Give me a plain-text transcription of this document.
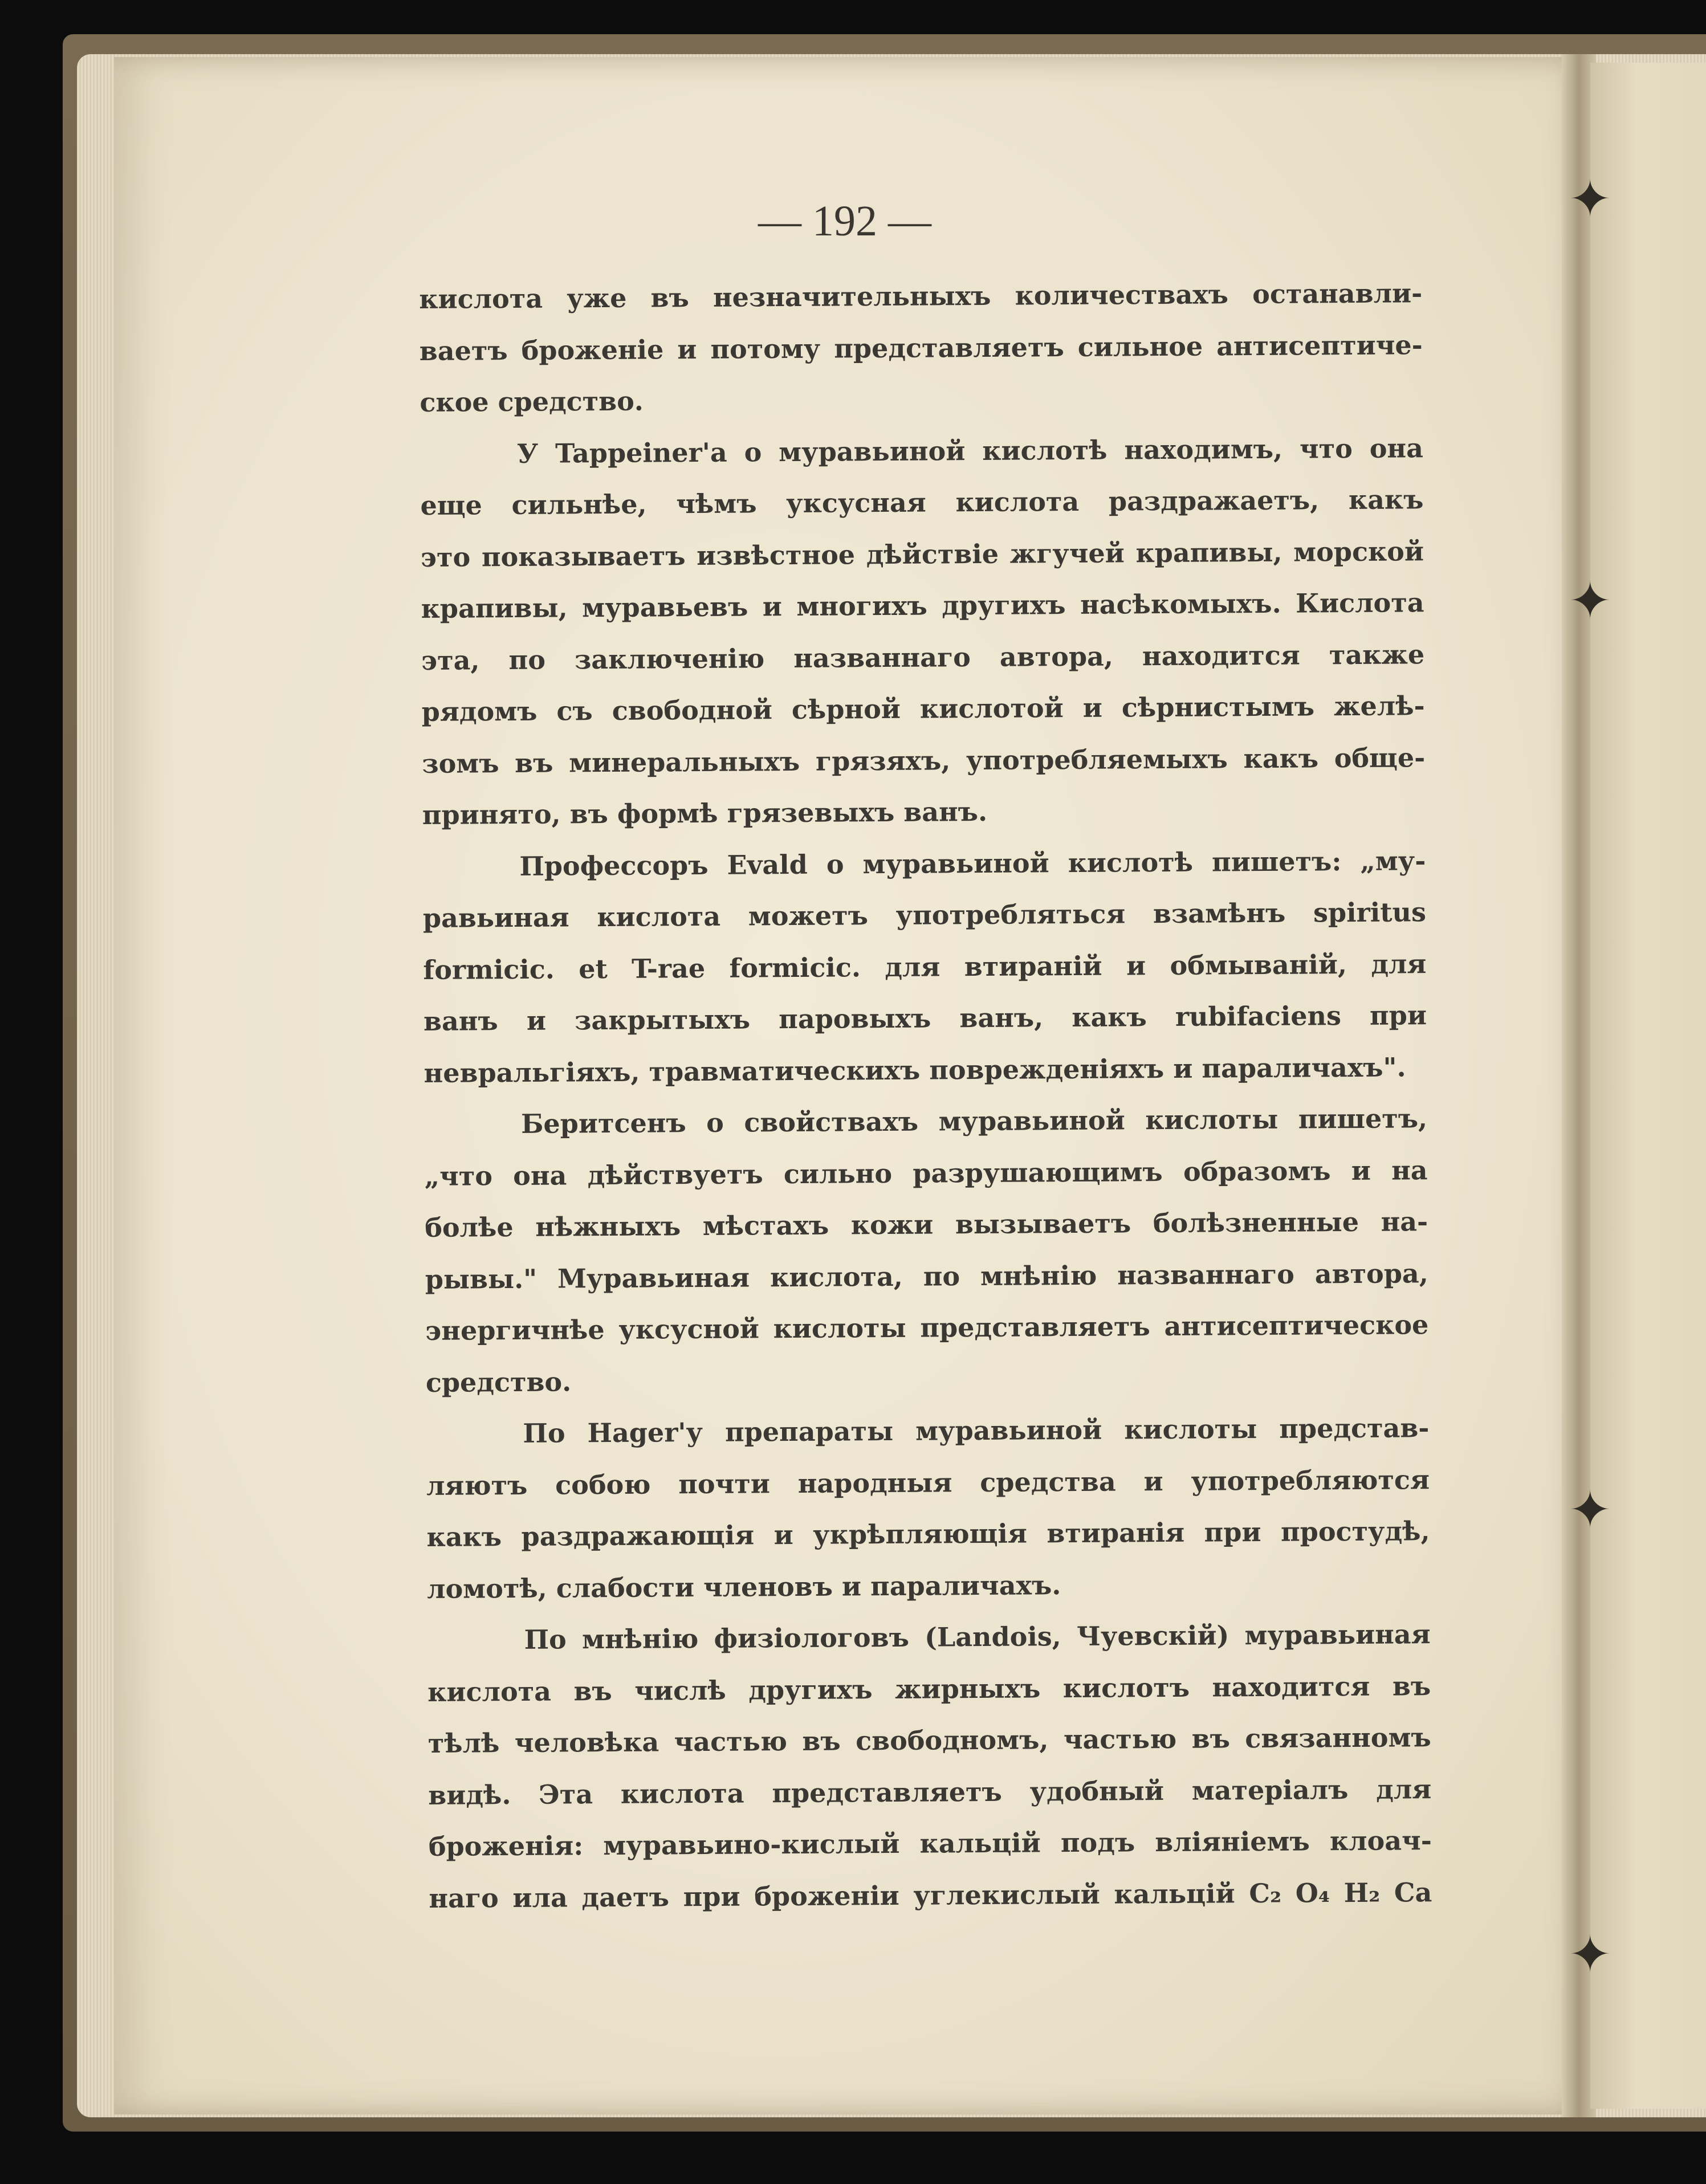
✦
✦
✦
✦
— 192 —
кислота уже въ незначительныхъ количествахъ останавли-
ваетъ броженіе и потому представляетъ сильное антисептиче-
ское средство.
У Tappeiner'а о муравьиной кислотѣ находимъ, что она
еще сильнѣе, чѣмъ уксусная кислота раздражаетъ, какъ
это показываетъ извѣстное дѣйствіе жгучей крапивы, морской
крапивы, муравьевъ и многихъ другихъ насѣкомыхъ. Кислота
эта, по заключенію названнаго автора, находится также
рядомъ съ свободной сѣрной кислотой и сѣрнистымъ желѣ-
зомъ въ минеральныхъ грязяхъ, употребляемыхъ какъ обще-
принято, въ формѣ грязевыхъ ванъ.
Профессоръ Evald о муравьиной кислотѣ пишетъ: „му-
равьиная кислота можетъ употребляться взамѣнъ spiritus
formicic. et T-rae formicic. для втираній и обмываній, для
ванъ и закрытыхъ паровыхъ ванъ, какъ rubifaciens при
невральгіяхъ, травматическихъ поврежденіяхъ и параличахъ".
Беритсенъ о свойствахъ муравьиной кислоты пишетъ,
„что она дѣйствуетъ сильно разрушающимъ образомъ и на
болѣе нѣжныхъ мѣстахъ кожи вызываетъ болѣзненные на-
рывы." Муравьиная кислота, по мнѣнію названнаго автора,
энергичнѣе уксусной кислоты представляетъ антисептическое
средство.
По Hager'у препараты муравьиной кислоты представ-
ляютъ собою почти народныя средства и употребляются
какъ раздражающія и укрѣпляющія втиранія при простудѣ,
ломотѣ, слабости членовъ и параличахъ.
По мнѣнію физіологовъ (Landois, Чуевскій) муравьиная
кислота въ числѣ другихъ жирныхъ кислотъ находится въ
тѣлѣ человѣка частью въ свободномъ, частью въ связанномъ
видѣ. Эта кислота представляетъ удобный матеріалъ для
броженія: муравьино-кислый кальцій подъ вліяніемъ клоач-
наго ила даетъ при броженіи углекислый кальцій C₂ O₄ H₂ Ca
